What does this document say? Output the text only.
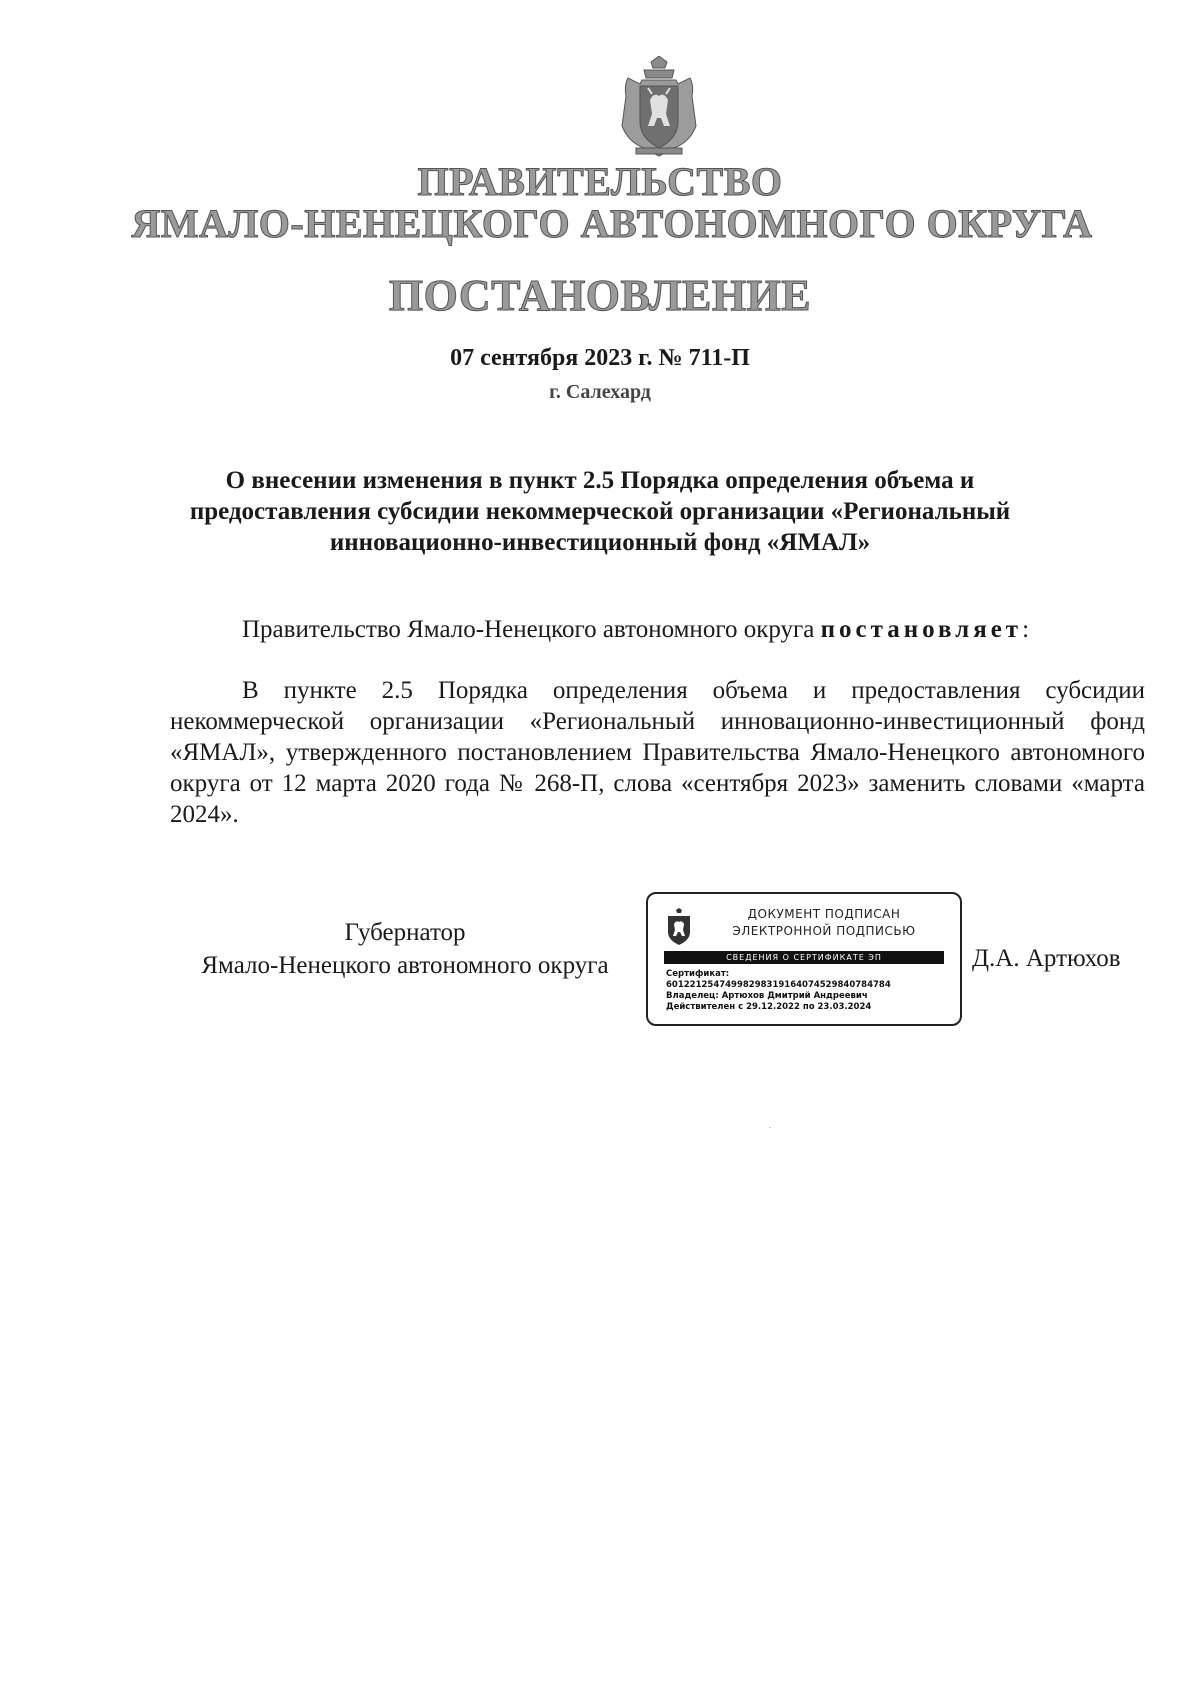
ПРАВИТЕЛЬСТВО
ЯМАЛО-НЕНЕЦКОГО АВТОНОМНОГО ОКРУГА
ПОСТАНОВЛЕНИЕ
07 сентября 2023 г. № 711-П
г. Салехард
О внесении изменения в пункт 2.5 Порядка определения объема и предоставления субсидии некоммерческой организации «Региональный инновационно-инвестиционный фонд «ЯМАЛ»
Правительство Ямало-Ненецкого автономного округа постановляет:
В пункте 2.5 Порядка определения объема и предоставления субсидии некоммерческой организации «Региональный инновационно-инвестиционный фонд «ЯМАЛ», утвержденного постановлением Правительства Ямало-Ненецкого автономного округа от 12 марта 2020 года № 268-П, слова «сентября 2023» заменить словами «марта 2024».
Губернатор
Ямало-Ненецкого автономного округа
ДОКУМЕНТ ПОДПИСАН
ЭЛЕКТРОННОЙ ПОДПИСЬЮ
СВЕДЕНИЯ О СЕРТИФИКАТЕ ЭП
Сертификат:
601221254749982983191640745298407847​84
Владелец: Артюхов Дмитрий Андреевич
Действителен с 29.12.2022 по 23.03.2024
Д.А. Артюхов
